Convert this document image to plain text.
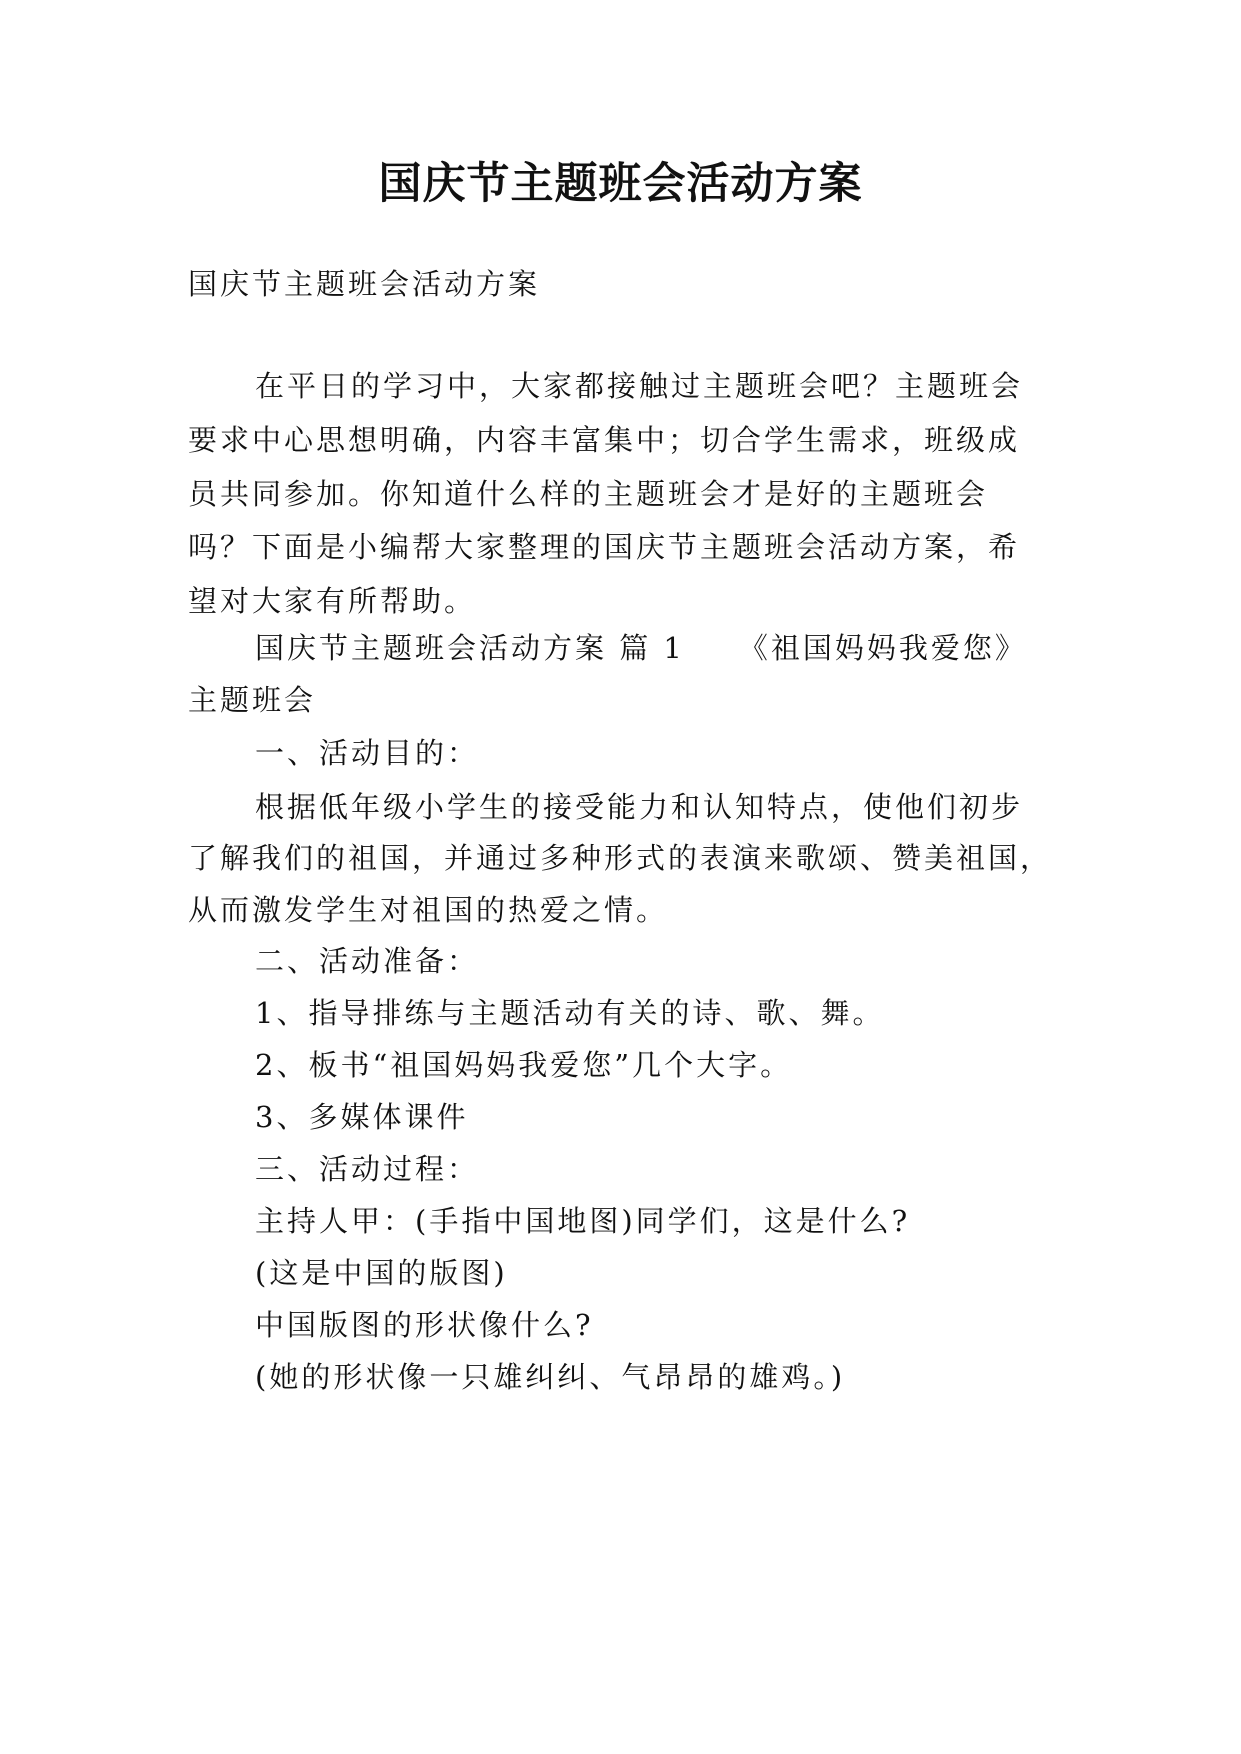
国庆节主题班会活动方案

国庆节主题班会活动方案

在平日的学习中，大家都接触过主题班会吧？主题班会

要求中心思想明确，内容丰富集中；切合学生需求，班级成

员共同参加。你知道什么样的主题班会才是好的主题班会

吗？下面是小编帮大家整理的国庆节主题班会活动方案，希

望对大家有所帮助。

国庆节主题班会活动方案 篇 1 《祖国妈妈我爱您》

主题班会

一、活动目的：

根据低年级小学生的接受能力和认知特点，使他们初步

了解我们的祖国，并通过多种形式的表演来歌颂、赞美祖国，

从而激发学生对祖国的热爱之情。

二、活动准备：

1、指导排练与主题活动有关的诗、歌、舞。

2、板书“祖国妈妈我爱您”几个大字。

3、多媒体课件

三、活动过程：

主持人甲：(手指中国地图)同学们，这是什么?

(这是中国的版图)

中国版图的形状像什么?

(她的形状像一只雄纠纠、气昂昂的雄鸡。)
